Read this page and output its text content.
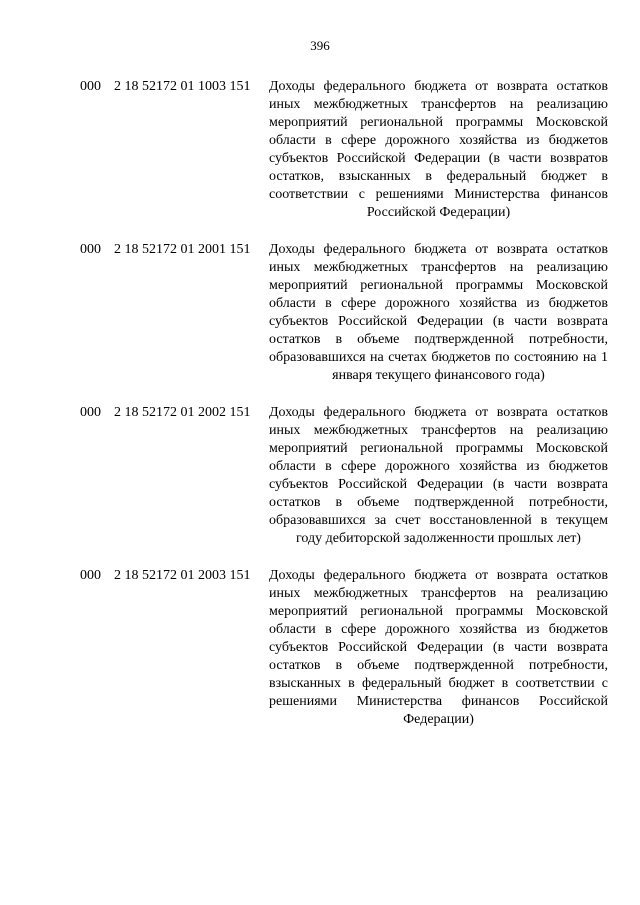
396
000 2 18 52172 01 1003 151 Доходы федерального бюджета от возврата остатков иных межбюджетных трансфертов на реализацию мероприятий региональной программы Московской области в сфере дорожного хозяйства из бюджетов субъектов Российской Федерации (в части возвратов остатков, взысканных в федеральный бюджет в соответствии с решениями Министерства финансов Российской Федерации)
000 2 18 52172 01 2001 151 Доходы федерального бюджета от возврата остатков иных межбюджетных трансфертов на реализацию мероприятий региональной программы Московской области в сфере дорожного хозяйства из бюджетов субъектов Российской Федерации (в части возврата остатков в объеме подтвержденной потребности, образовавшихся на счетах бюджетов по состоянию на 1 января текущего финансового года)
000 2 18 52172 01 2002 151 Доходы федерального бюджета от возврата остатков иных межбюджетных трансфертов на реализацию мероприятий региональной программы Московской области в сфере дорожного хозяйства из бюджетов субъектов Российской Федерации (в части возврата остатков в объеме подтвержденной потребности, образовавшихся за счет восстановленной в текущем году дебиторской задолженности прошлых лет)
000 2 18 52172 01 2003 151 Доходы федерального бюджета от возврата остатков иных межбюджетных трансфертов на реализацию мероприятий региональной программы Московской области в сфере дорожного хозяйства из бюджетов субъектов Российской Федерации (в части возврата остатков в объеме подтвержденной потребности, взысканных в федеральный бюджет в соответствии с решениями Министерства финансов Российской Федерации)
